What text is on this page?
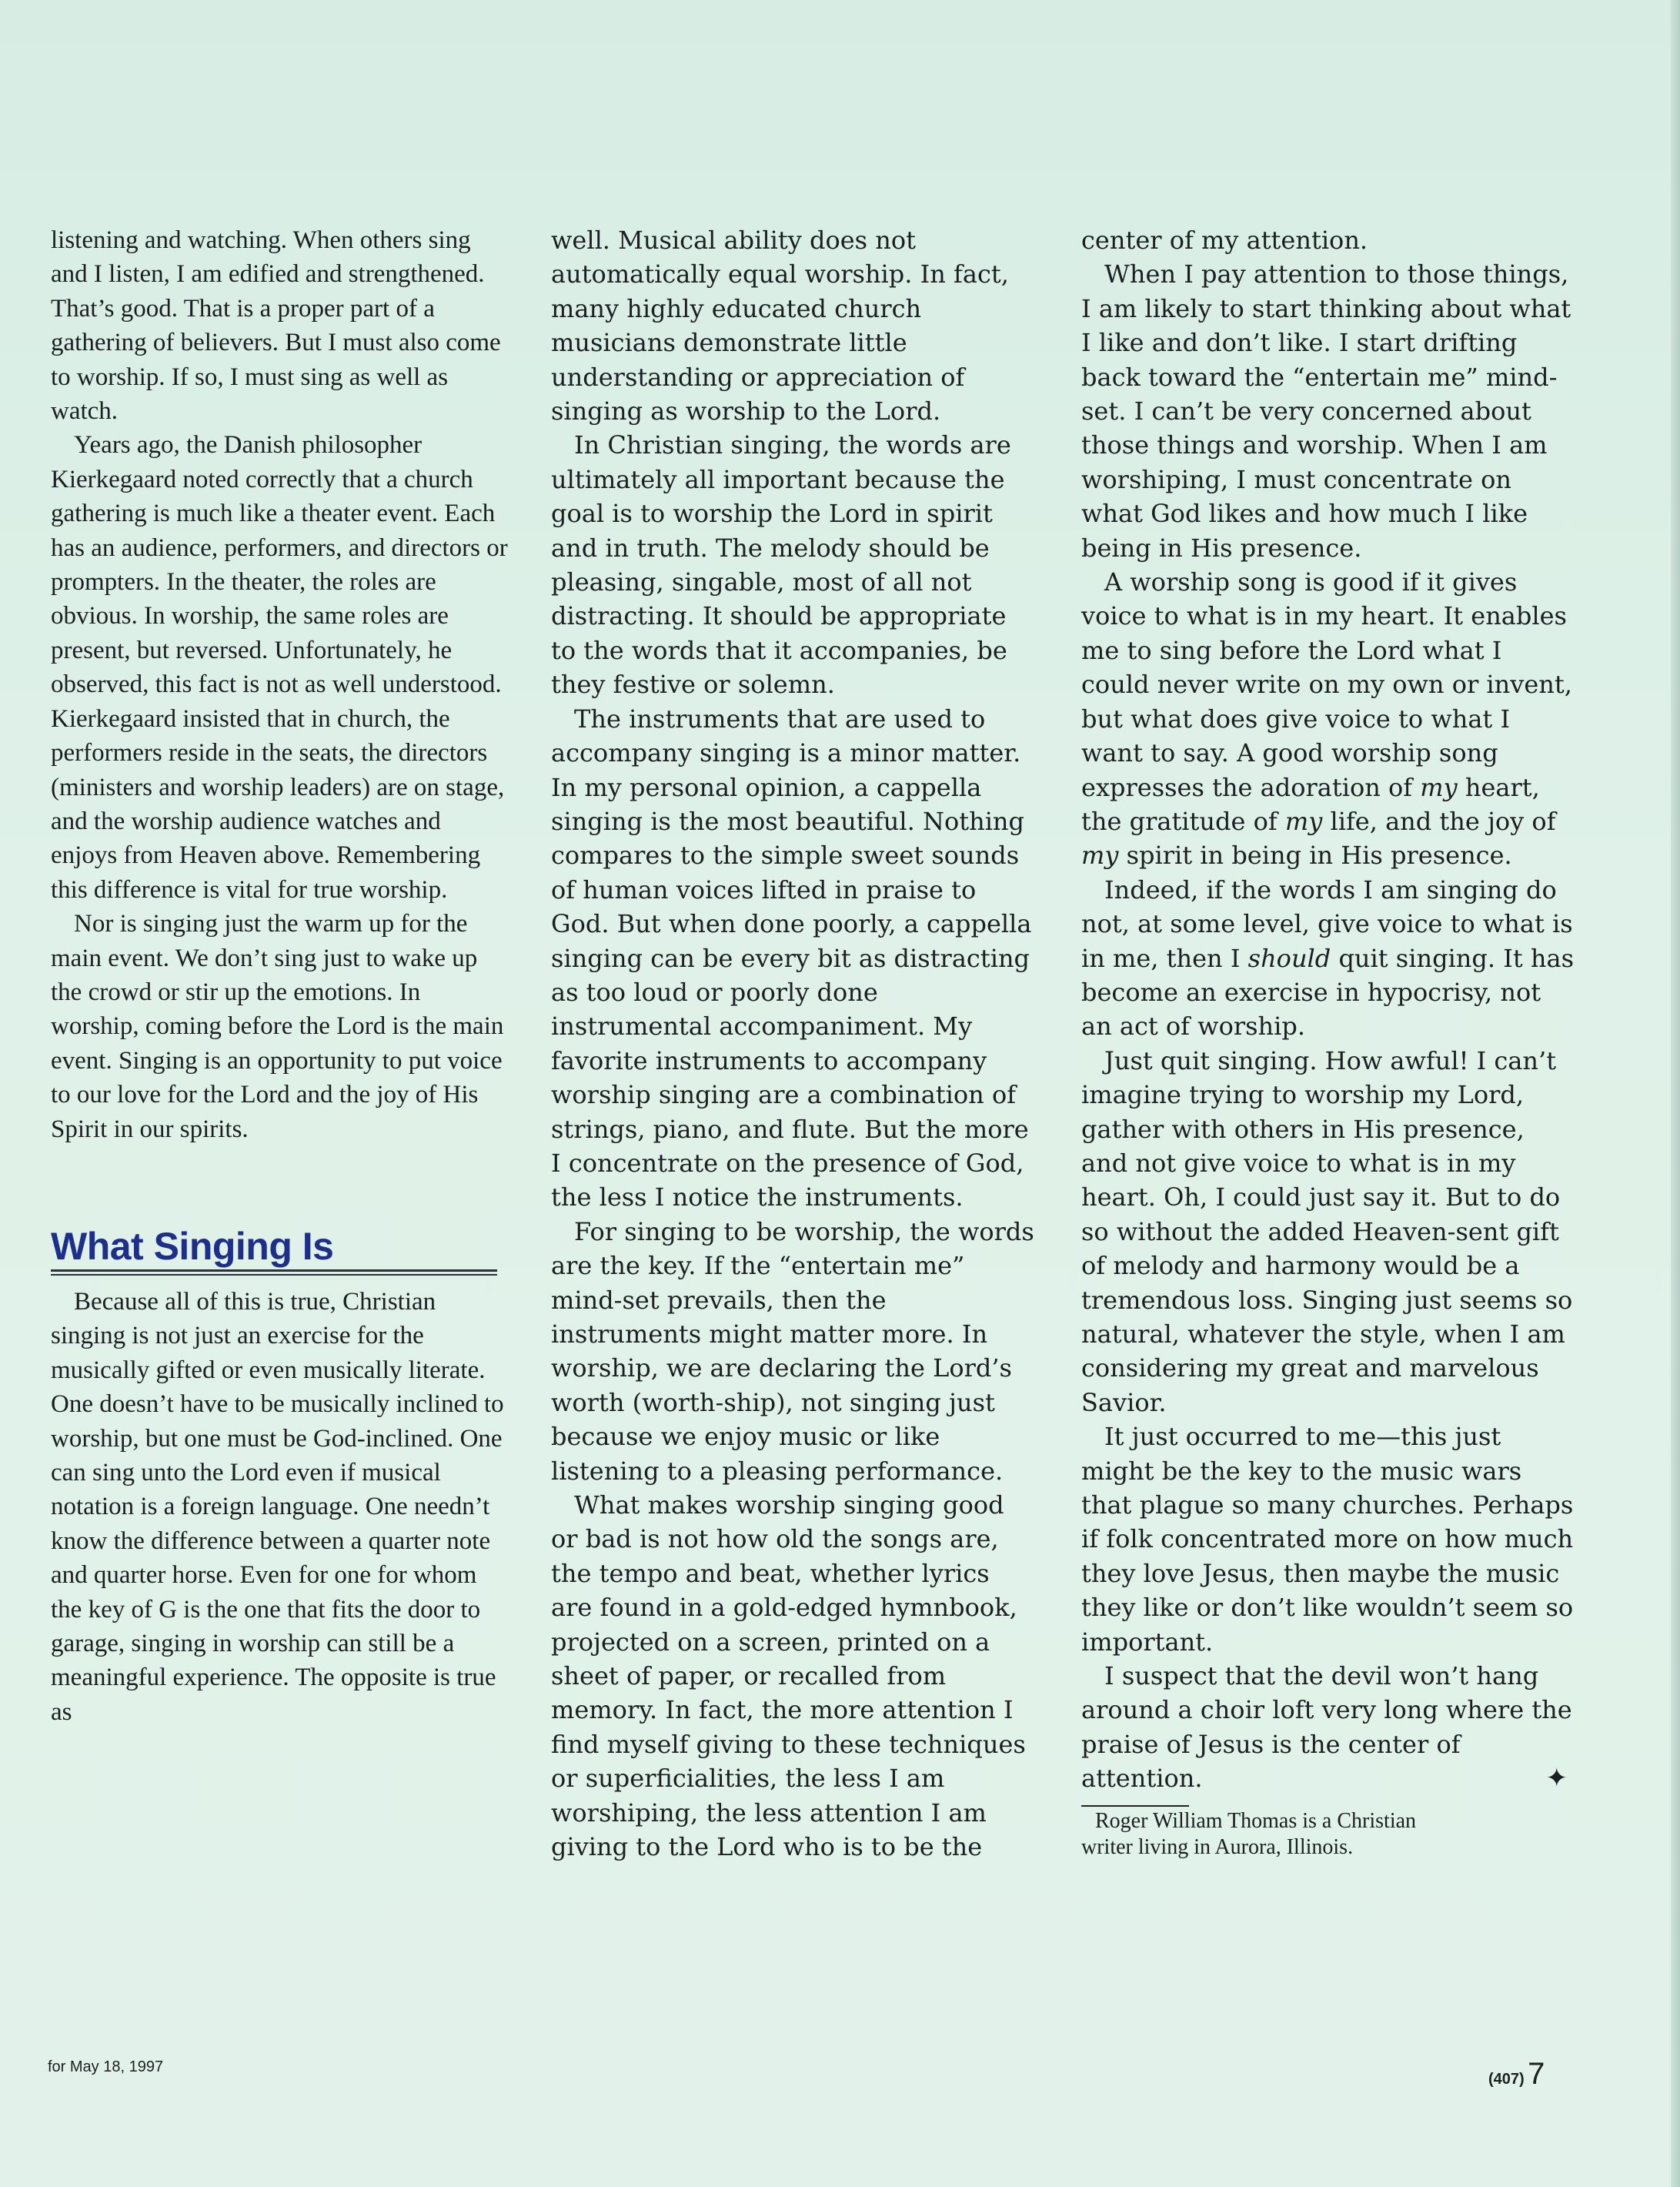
listening and watching. When others sing and I listen, I am edified and strengthened. That’s good. That is a proper part of a gathering of believers. But I must also come to worship. If so, I must sing as well as watch.

Years ago, the Danish philosopher Kierkegaard noted correctly that a church gathering is much like a theater event. Each has an audience, performers, and directors or prompters. In the theater, the roles are obvious. In worship, the same roles are present, but reversed. Unfortunately, he observed, this fact is not as well understood. Kierkegaard insisted that in church, the performers reside in the seats, the directors (ministers and worship leaders) are on stage, and the worship audience watches and enjoys from Heaven above. Remembering this difference is vital for true worship.

Nor is singing just the warm up for the main event. We don’t sing just to wake up the crowd or stir up the emotions. In worship, coming before the Lord is the main event. Singing is an opportunity to put voice to our love for the Lord and the joy of His Spirit in our spirits.

What Singing Is

Because all of this is true, Christian singing is not just an exercise for the musically gifted or even musically literate. One doesn’t have to be musically inclined to worship, but one must be God-inclined. One can sing unto the Lord even if musical notation is a foreign language. One needn’t know the difference between a quarter note and quarter horse. Even for one for whom the key of G is the one that fits the door to garage, singing in worship can still be a meaningful experience. The opposite is true as

well. Musical ability does not automatically equal worship. In fact, many highly educated church musicians demonstrate little understanding or appreciation of singing as worship to the Lord.

In Christian singing, the words are ultimately all important because the goal is to worship the Lord in spirit and in truth. The melody should be pleasing, singable, most of all not distracting. It should be appropriate to the words that it accompanies, be they festive or solemn.

The instruments that are used to accompany singing is a minor matter. In my personal opinion, a cappella singing is the most beautiful. Nothing compares to the simple sweet sounds of human voices lifted in praise to God. But when done poorly, a cappella singing can be every bit as distracting as too loud or poorly done instrumental accompaniment. My favorite instruments to accompany worship singing are a combination of strings, piano, and flute. But the more I concentrate on the presence of God, the less I notice the instruments.

For singing to be worship, the words are the key. If the “entertain me” mind-set prevails, then the instruments might matter more. In worship, we are declaring the Lord’s worth (worth-ship), not singing just because we enjoy music or like listening to a pleasing performance.

What makes worship singing good or bad is not how old the songs are, the tempo and beat, whether lyrics are found in a gold-edged hymnbook, projected on a screen, printed on a sheet of paper, or recalled from memory. In fact, the more attention I find myself giving to these techniques or superficialities, the less I am worshiping, the less attention I am giving to the Lord who is to be the

center of my attention.

When I pay attention to those things, I am likely to start thinking about what I like and don’t like. I start drifting back toward the “entertain me” mind-set. I can’t be very concerned about those things and worship. When I am worshiping, I must concentrate on what God likes and how much I like being in His presence.

A worship song is good if it gives voice to what is in my heart. It enables me to sing before the Lord what I could never write on my own or invent, but what does give voice to what I want to say. A good worship song expresses the adoration of my heart, the gratitude of my life, and the joy of my spirit in being in His presence.

Indeed, if the words I am singing do not, at some level, give voice to what is in me, then I should quit singing. It has become an exercise in hypocrisy, not an act of worship.

Just quit singing. How awful! I can’t imagine trying to worship my Lord, gather with others in His presence, and not give voice to what is in my heart. Oh, I could just say it. But to do so without the added Heaven-sent gift of melody and harmony would be a tremendous loss. Singing just seems so natural, whatever the style, when I am considering my great and marvelous Savior.

It just occurred to me—this just might be the key to the music wars that plague so many churches. Perhaps if folk concentrated more on how much they love Jesus, then maybe the music they like or don’t like wouldn’t seem so important.

I suspect that the devil won’t hang around a choir loft very long where the praise of Jesus is the center of attention.	✦

Roger William Thomas is a Christian
writer living in Aurora, Illinois.
for May 18, 1997
(407) 7
